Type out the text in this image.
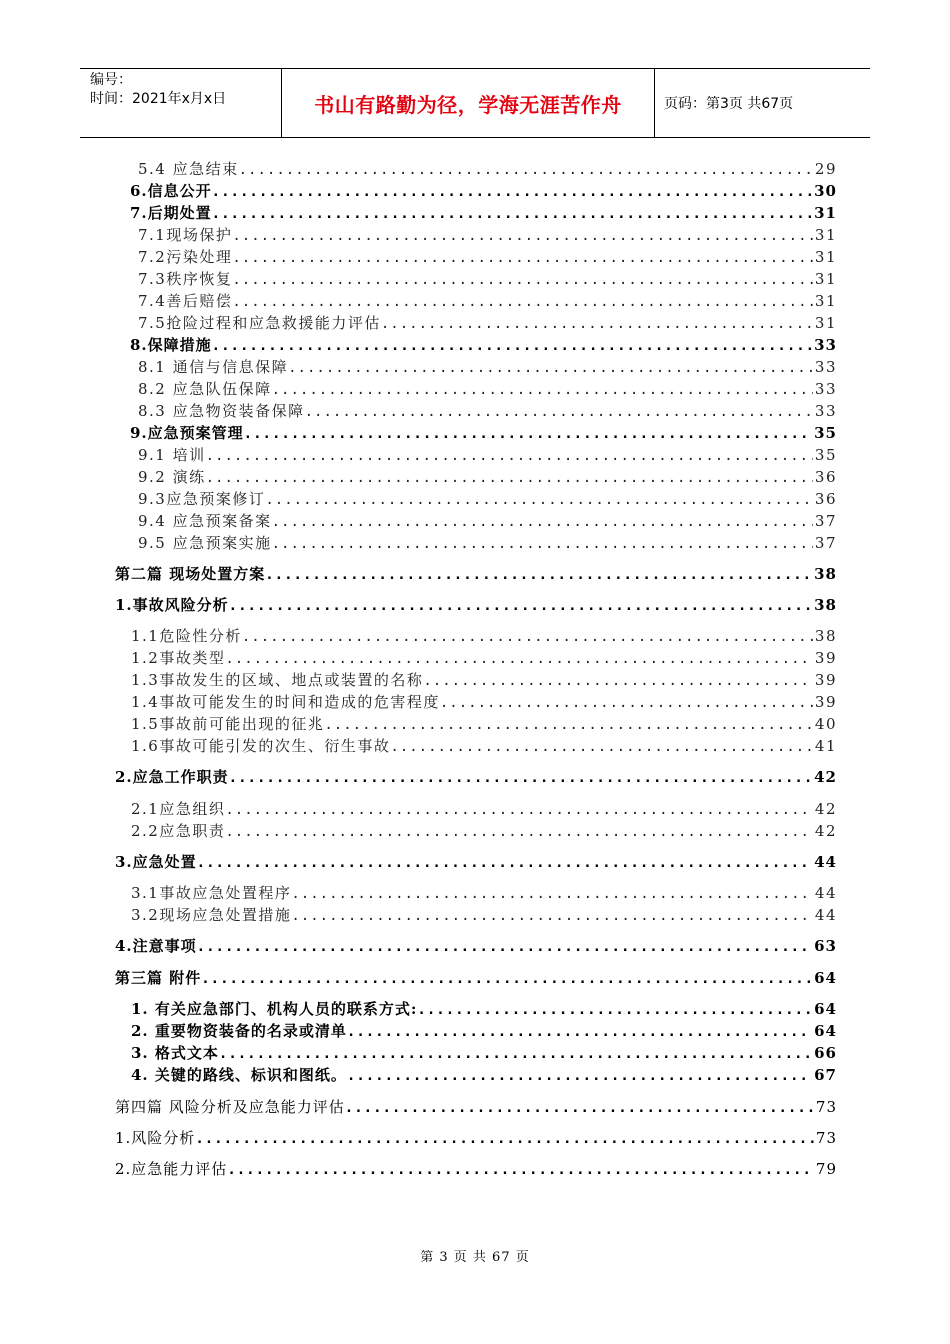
编号：
时间：2021年x月x日	书山有路勤为径，学海无涯苦作舟	页码：第3页 共67页
5.4 应急结束 .....	29
6.信息公开 .....	30
7.后期处置 .....	31
7.1现场保护 .....	31
7.2污染处理 .....	31
7.3秩序恢复 .....	31
7.4善后赔偿 .....	31
7.5抢险过程和应急救援能力评估 .....	31
8.保障措施 .....	33
8.1 通信与信息保障 .....	33
8.2 应急队伍保障 .....	33
8.3 应急物资装备保障 .....	33
9.应急预案管理 .....	35
9.1 培训 .....	35
9.2 演练 .....	36
9.3应急预案修订 .....	36
9.4 应急预案备案 .....	37
9.5 应急预案实施 .....	37
第二篇 现场处置方案 .....	38
1.事故风险分析 .....	38
1.1危险性分析 .....	38
1.2事故类型 .....	39
1.3事故发生的区域、地点或装置的名称 .....	39
1.4事故可能发生的时间和造成的危害程度 .....	39
1.5事故前可能出现的征兆 .....	40
1.6事故可能引发的次生、衍生事故 .....	41
2.应急工作职责 .....	42
2.1应急组织 .....	42
2.2应急职责 .....	42
3.应急处置 .....	44
3.1事故应急处置程序 .....	44
3.2现场应急处置措施 .....	44
4.注意事项 .....	63
第三篇 附件 .....	64
1. 有关应急部门、机构人员的联系方式: .....	64
2. 重要物资装备的名录或清单 .....	64
3. 格式文本 .....	66
4. 关键的路线、标识和图纸。 .....	67
第四篇 风险分析及应急能力评估 .....	73
1.风险分析 .....	73
2.应急能力评估 .....	79
第 3 页 共 67 页
